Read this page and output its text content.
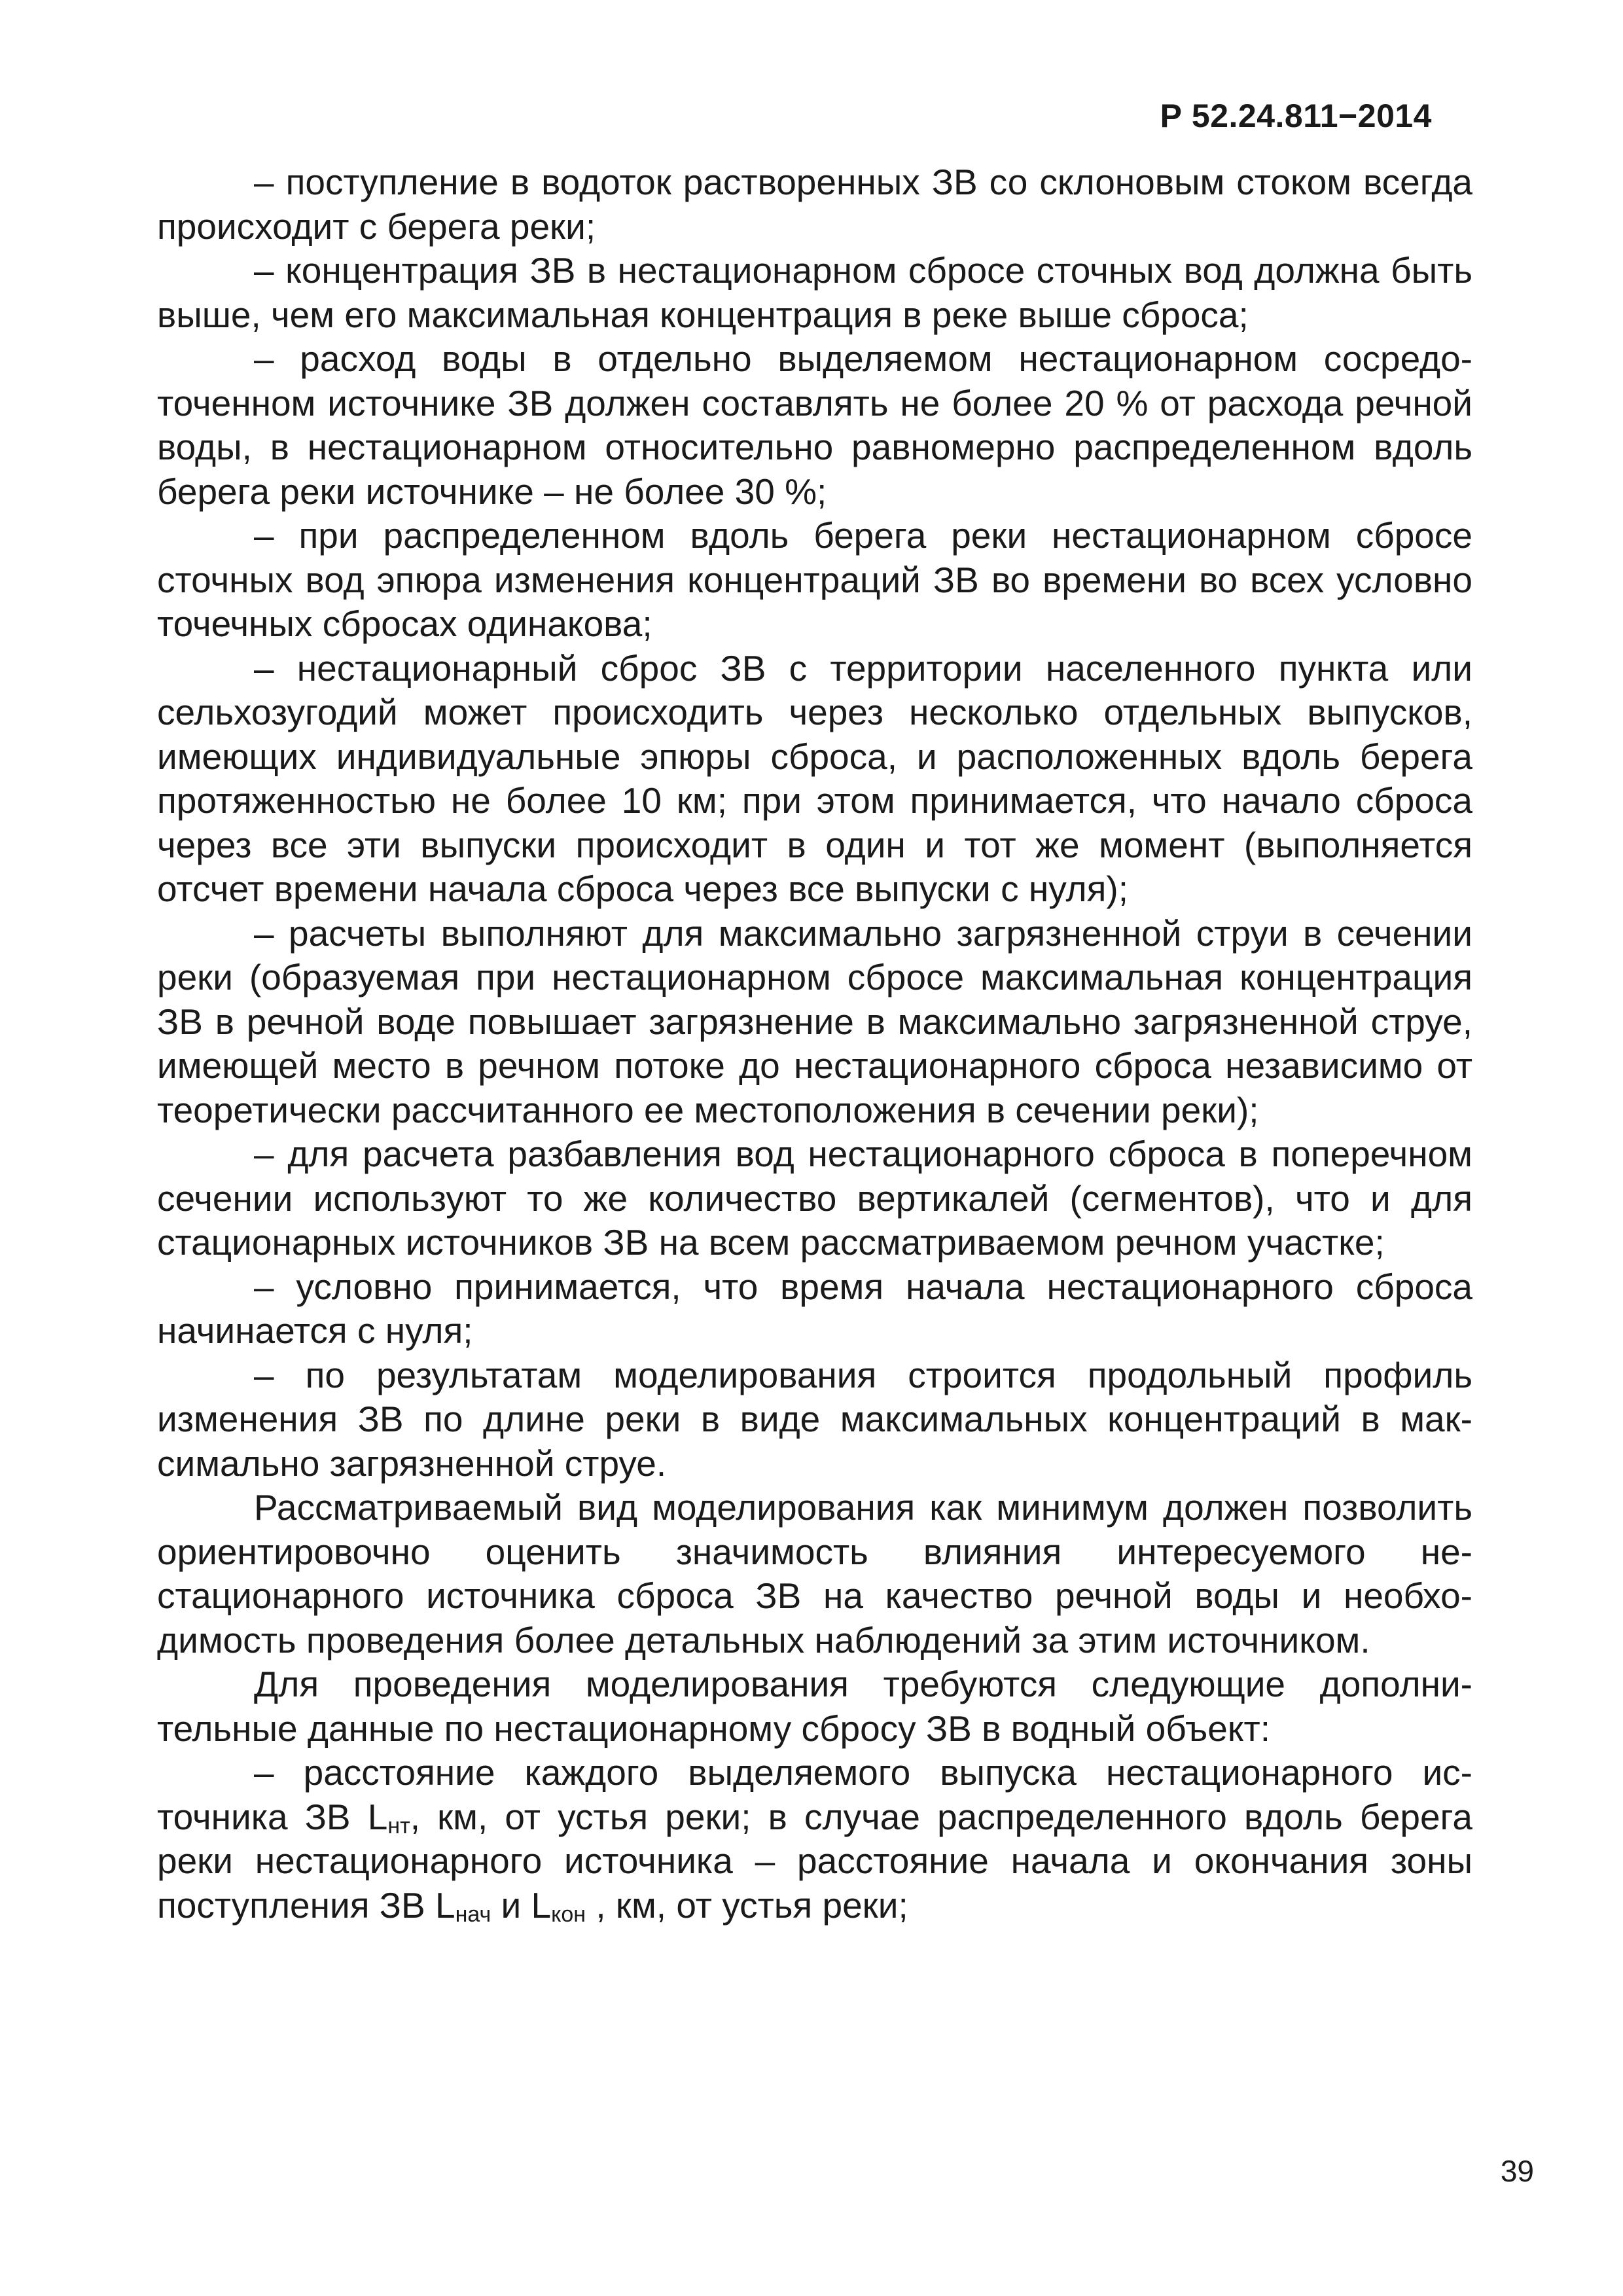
Р 52.24.811−2014

– поступление в водоток растворенных ЗВ со склоновым стоком всегда происходит с берега реки;

– концентрация ЗВ в нестационарном сбросе сточных вод должна быть выше, чем его максимальная концентрация в реке выше сброса;

– расход воды в отдельно выделяемом нестационарном сосредоточенном источнике ЗВ должен составлять не более 20 % от расхода речной воды, в нестационарном относительно равномерно распределенном вдоль берега реки источнике – не более 30 %;

– при распределенном вдоль берега реки нестационарном сбросе сточных вод эпюра изменения концентраций ЗВ во времени во всех условно точечных сбросах одинакова;

– нестационарный сброс ЗВ с территории населенного пункта или сельхозугодий может происходить через несколько отдельных выпусков, имеющих индивидуальные эпюры сброса, и расположенных вдоль берега протяженностью не более 10 км; при этом принимается, что начало сброса через все эти выпуски происходит в один и тот же момент (выполняется отсчет времени начала сброса через все выпуски с нуля);

– расчеты выполняют для максимально загрязненной струи в сечении реки (образуемая при нестационарном сбросе максимальная концентрация ЗВ в речной воде повышает загрязнение в максимально загрязненной струе, имеющей место в речном потоке до нестационарного сброса независимо от теоретически рассчитанного ее местоположения в сечении реки);

– для расчета разбавления вод нестационарного сброса в поперечном сечении используют то же количество вертикалей (сегментов), что и для стационарных источников ЗВ на всем рассматриваемом речном участке;

– условно принимается, что время начала нестационарного сброса начинается с нуля;

– по результатам моделирования строится продольный профиль изменения ЗВ по длине реки в виде максимальных концентраций в максимально загрязненной струе.

Рассматриваемый вид моделирования как минимум должен позволить ориентировочно оценить значимость влияния интересуемого нестационарного источника сброса ЗВ на качество речной воды и необходимость проведения более детальных наблюдений за этим источником.

Для проведения моделирования требуются следующие дополнительные данные по нестационарному сбросу ЗВ в водный объект:

– расстояние каждого выделяемого выпуска нестационарного источника ЗВ $L_{нт}$, км, от устья реки; в случае распределенного вдоль берега реки нестационарного источника – расстояние начала и окончания зоны поступления ЗВ $L_{нач}$ и $L_{кон}$ , км, от устья реки;

39
